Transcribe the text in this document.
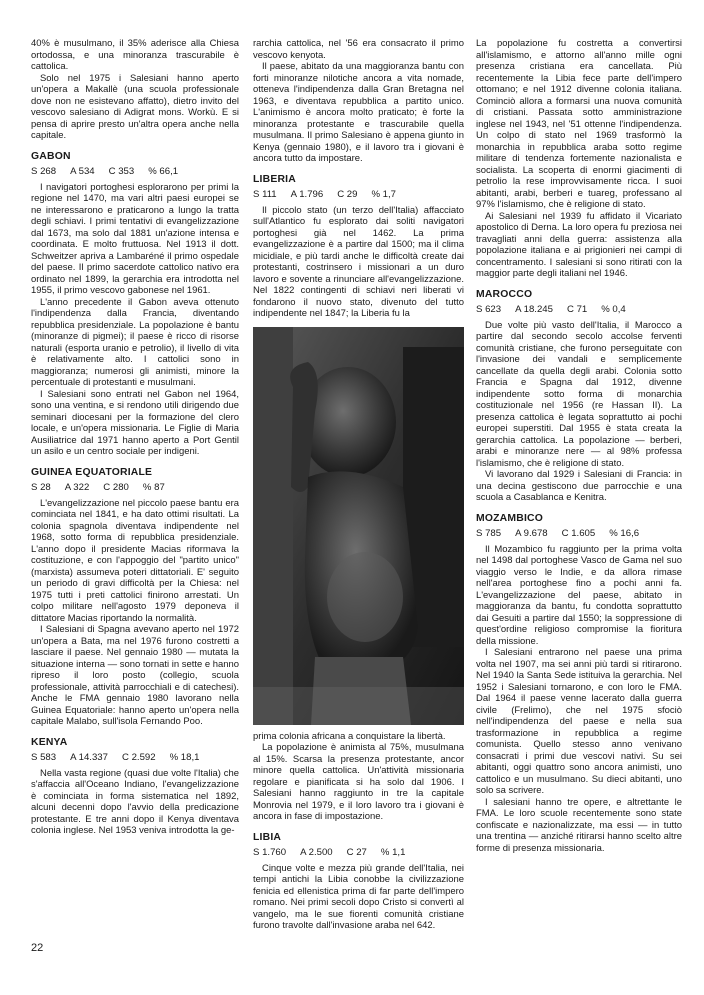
40% è musulmano, il 35% aderisce alla Chiesa ortodossa, e una minoranza trascurabile è cattolica.

Solo nel 1975 i Salesiani hanno aperto un'opera a Makallè (una scuola professionale dove non ne esistevano affatto), dietro invito del vescovo salesiano di Adigrat mons. Workù. E si pensa di aprire presto un'altra opera anche nella capitale.

GABON
S 268 A 534 C 353 % 66,1

I navigatori portoghesi esplorarono per primi la regione nel 1470, ma vari altri paesi europei se ne interessarono e praticarono a lungo la tratta degli schiavi. I primi tentativi di evangelizzazione dal 1673, ma solo dal 1881 un'azione intensa e coordinata. E molto fruttuosa. Nel 1913 il dott. Schweitzer apriva a Lambaréné il primo ospedale del paese. Il primo sacerdote cattolico nativo era ordinato nel 1899, la gerarchia era introdotta nel 1955, il primo vescovo gabonese nel 1961.

L'anno precedente il Gabon aveva ottenuto l'indipendenza dalla Francia, diventando repubblica presidenziale. La popolazione è bantu (minoranze di pigmei); il paese è ricco di risorse naturali (esporta uranio e petrolio), il livello di vita è relativamente alto. I cattolici sono in maggioranza; numerosi gli animisti, minore la percentuale di protestanti e musulmani.

I Salesiani sono entrati nel Gabon nel 1964, sono una ventina, e si rendono utili dirigendo due seminari diocesani per la formazione del clero locale, e un'opera missionaria. Le Figlie di Maria Ausiliatrice dal 1971 hanno aperto a Port Gentil un asilo e un centro sociale per indigeni.

GUINEA EQUATORIALE
S 28 A 322 C 280 % 87

L'evangelizzazione nel piccolo paese bantu era cominciata nel 1841, e ha dato ottimi risultati. La colonia spagnola diventava indipendente nel 1968, sotto forma di repubblica presidenziale. L'anno dopo il presidente Macias riformava la costituzione, e con l'appoggio del "partito unico" (marxista) assumeva poteri dittatoriali. E' seguito un periodo di gravi difficoltà per la Chiesa: nel 1975 tutti i preti cattolici finirono arrestati. Un colpo militare nell'agosto 1979 deponeva il dittatore Macias riportando la normalità.

I Salesiani di Spagna avevano aperto nel 1972 un'opera a Bata, ma nel 1976 furono costretti a lasciare il paese. Nel gennaio 1980 — mutata la situazione interna — sono tornati in sette e hanno ripreso il loro posto (collegio, scuola professionale, attività parrocchiali e di catechesi). Anche le FMA gennaio 1980 lavorano nella Guinea Equatoriale: hanno aperto un'opera nella capitale Malabo, sull'isola Fernando Poo.

KENYA
S 583 A 14.337 C 2.592 % 18,1

Nella vasta regione (quasi due volte l'Italia) che s'affaccia all'Oceano Indiano, l'evangelizzazione è cominciata in forma sistematica nel 1892, alcuni decenni dopo l'avvio della predicazione protestante. E tre anni dopo il Kenya diventava colonia inglese. Nel 1953 veniva introdotta la ge-

rarchia cattolica, nel '56 era consacrato il primo vescovo kenyota.

Il paese, abitato da una maggioranza bantu con forti minoranze nilotiche ancora a vita nomade, otteneva l'indipendenza dalla Gran Bretagna nel 1963, e diventava repubblica a partito unico. L'animismo è ancora molto praticato; è forte la minoranza protestante e trascurabile quella musulmana. Il primo Salesiano è appena giunto in Kenya (gennaio 1980), e il lavoro tra i giovani è ancora tutto da impostare.

LIBERIA
S 111 A 1.796 C 29 % 1,7

Il piccolo stato (un terzo dell'Italia) affacciato sull'Atlantico fu esplorato dai soliti navigatori portoghesi già nel 1462. La prima evangelizzazione è a partire dal 1500; ma il clima micidiale, e più tardi anche le difficoltà create dai protestanti, costrinsero i missionari a un duro lavoro e sovente a rinunciare all'evangelizzazione. Nel 1822 contingenti di schiavi neri liberati vi fondarono il nuovo stato, divenuto del tutto indipendente nel 1847; la Liberia fu la

prima colonia africana a conquistare la libertà.

La popolazione è animista al 75%, musulmana al 15%. Scarsa la presenza protestante, ancor minore quella cattolica. Un'attività missionaria regolare e pianificata si ha solo dal 1906. I Salesiani hanno raggiunto in tre la capitale Monrovia nel 1979, e il loro lavoro tra i giovani è ancora in fase di impostazione.

LIBIA
S 1.760 A 2.500 C 27 % 1,1

Cinque volte e mezza più grande dell'Italia, nei tempi antichi la Libia conobbe la civilizzazione fenicia ed ellenistica prima di far parte dell'impero romano. Nei primi secoli dopo Cristo si convertì al vangelo, ma le sue fiorenti comunità cristiane furono travolte dall'invasione araba nel 642.

La popolazione fu costretta a convertirsi all'islamismo, e attorno all'anno mille ogni presenza cristiana era cancellata. Più recentemente la Libia fece parte dell'impero ottomano; e nel 1912 divenne colonia italiana. Cominciò allora a formarsi una nuova comunità di cristiani. Passata sotto amministrazione inglese nel 1943, nel '51 ottenne l'indipendenza. Un colpo di stato nel 1969 trasformò la monarchia in repubblica araba sotto regime militare di tendenza fortemente nazionalista e socialista. La scoperta di enormi giacimenti di petrolio la rese improvvisamente ricca. I suoi abitanti, arabi, berberi e tuareg, professano al 97% l'islamismo, che è religione di stato.

Ai Salesiani nel 1939 fu affidato il Vicariato apostolico di Derna. La loro opera fu preziosa nei travagliati anni della guerra: assistenza alla popolazione italiana e ai prigionieri nei campi di concentramento. I salesiani si sono ritirati con la maggior parte degli italiani nel 1946.

MAROCCO
S 623 A 18.245 C 71 % 0,4

Due volte più vasto dell'Italia, il Marocco a partire dal secondo secolo accolse ferventi comunità cristiane, che furono perseguitate con l'invasione dei vandali e semplicemente cancellate da quella degli arabi. Colonia sotto Francia e Spagna dal 1912, divenne indipendente sotto forma di monarchia costituzionale nel 1956 (re Hassan II). La presenza cattolica è legata soprattutto ai pochi europei superstiti. Dal 1955 è stata creata la gerarchia cattolica. La popolazione — berberi, arabi e minoranze nere — al 98% professa l'islamismo, che è religione di stato.

Vi lavorano dal 1929 i Salesiani di Francia: in una decina gestiscono due parrocchie e una scuola a Casablanca e Kenitra.

MOZAMBICO
S 785 A 9.678 C 1.605 % 16,6

Il Mozambico fu raggiunto per la prima volta nel 1498 dal portoghese Vasco de Gama nel suo viaggio verso le Indie, e da allora rimase nell'area portoghese fino a pochi anni fa. L'evangelizzazione del paese, abitato in maggioranza da bantu, fu condotta soprattutto dai Gesuiti a partire dal 1550; la soppressione di quest'ordine religioso compromise la fioritura della missione.

I Salesiani entrarono nel paese una prima volta nel 1907, ma sei anni più tardi si ritirarono. Nel 1940 la Santa Sede istituiva la gerarchia. Nel 1952 i Salesiani tornarono, e con loro le FMA. Dal 1964 il paese venne lacerato dalla guerra civile (Frelimo), che nel 1975 sfociò nell'indipendenza del paese e nella sua trasformazione in repubblica a regime comunista. Quello stesso anno venivano consacrati i primi due vescovi nativi. Su sei abitanti, oggi quattro sono ancora animisti, uno cattolico e un musulmano. Su dieci abitanti, uno solo sa scrivere.

I salesiani hanno tre opere, e altrettante le FMA. Le loro scuole recentemente sono state confiscate e nazionalizzate, ma essi — in tutto una trentina — anziché ritirarsi hanno scelto altre forme di presenza missionaria.

22
